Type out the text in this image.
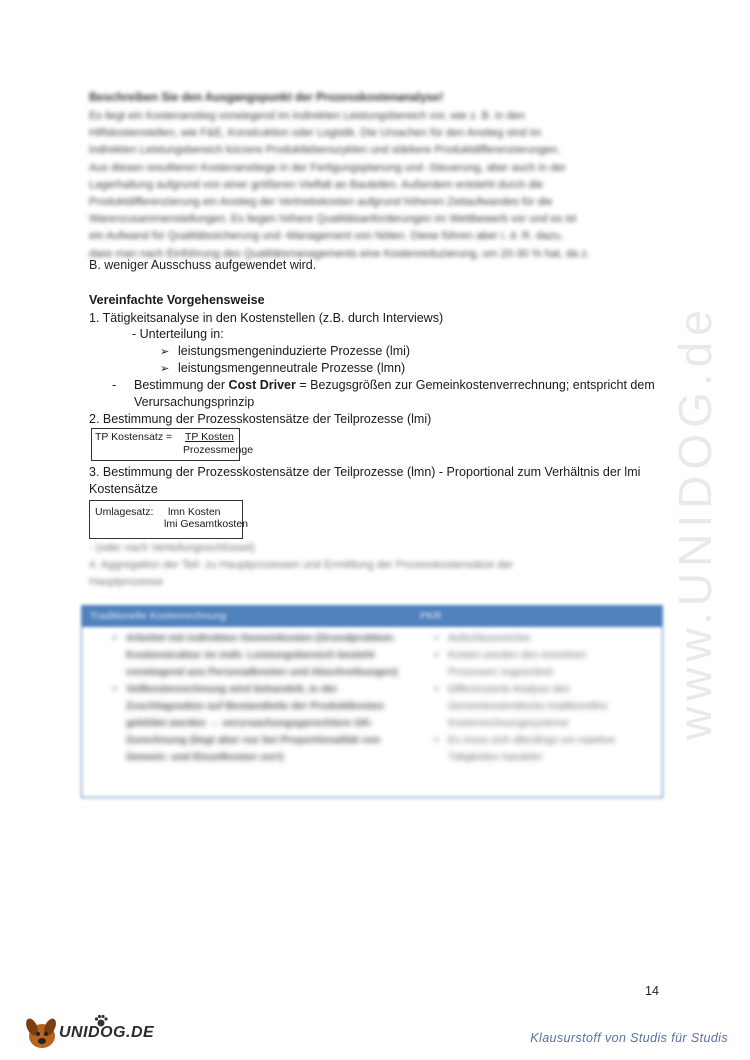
www.UNIDOG.de
Beschreiben Sie den Ausgangspunkt der Prozesskostenanalyse!
Es liegt ein Kostenanstieg vorwiegend im indirekten Leistungsbereich vor, wie z. B. in den
Hilfskostenstellen, wie F&E, Konstruktion oder Logistik. Die Ursachen für den Anstieg sind im
indirekten Leistungsbereich kürzere Produktlebenszyklen und stärkere Produktdifferenzierungen.
Aus diesen resultieren Kostenanstiege in der Fertigungsplanung und -Steuerung, aber auch in der
Lagerhaltung aufgrund von einer größeren Vielfalt an Bauteilen. Außerdem entsteht durch die
Produktdifferenzierung ein Anstieg der Vertriebskosten aufgrund höheren Zeitaufwandes für die
Warenzusammenstellungen. Es liegen höhere Qualitätsanforderungen im Wettbewerb vor und es ist
ein Aufwand für Qualitätssicherung und -Management von Nöten. Diese führen aber i. d. R. dazu,
dass man nach Einführung des Qualitätsmanagements eine Kostenreduzierung, um 20-30 % hat, da z.
B. weniger Ausschuss aufgewendet wird.
Vereinfachte Vorgehensweise
1. Tätigkeitsanalyse in den Kostenstellen (z.B. durch Interviews)
- Unterteilung in:
➢ leistungsmengeninduzierte Prozesse (lmi)
➢ leistungsmengenneutrale Prozesse (lmn)
- Bestimmung der Cost Driver = Bezugsgrößen zur Gemeinkostenverrechnung; entspricht dem
Verursachungsprinzip
2. Bestimmung der Prozesskostensätze der Teilprozesse (lmi)
TP Kostensatz = TP Kosten
Prozessmenge
3. Bestimmung der Prozesskostensätze der Teilprozesse (lmn) - Proportional zum Verhältnis der lmi
Kostensätze
Umlagesatz: lmn Kosten
lmi Gesamtkosten
- (oder nach Verteilungsschlüssel)
4. Aggregation der Teil- zu Hauptprozessen und Ermittlung der Prozesskostensätze der
Hauptprozesse
Traditionelle Kostenrechnung	PKR
• Arbeitet mit indirekten Gemeinkosten (Grundproblem: Kostenstruktur im indir. Leistungsbereich besteht vorwiegend aus Personalkosten und Abschreibungen)
• Vollkostenrechnung wird behandelt, in der Zuschlagssätze auf Bestandteile der Produktkosten gebildet werden → verursachungsgerechtere GK-Zurechnung (liegt aber nur bei Proportionalität von Gemein- und Einzelkosten vor!)
• Aufschlussreicher
• Kosten werden den einzelnen Prozessen zugeordnet
• Differenzierte Analyse des Gemeinkostenblocks traditionelles Kostenrechnungssysteme
• Es muss sich allerdings um repetive Tätigkeiten handeln!
14
UNIDOG.DE	Klausurstoff von Studis für Studis
